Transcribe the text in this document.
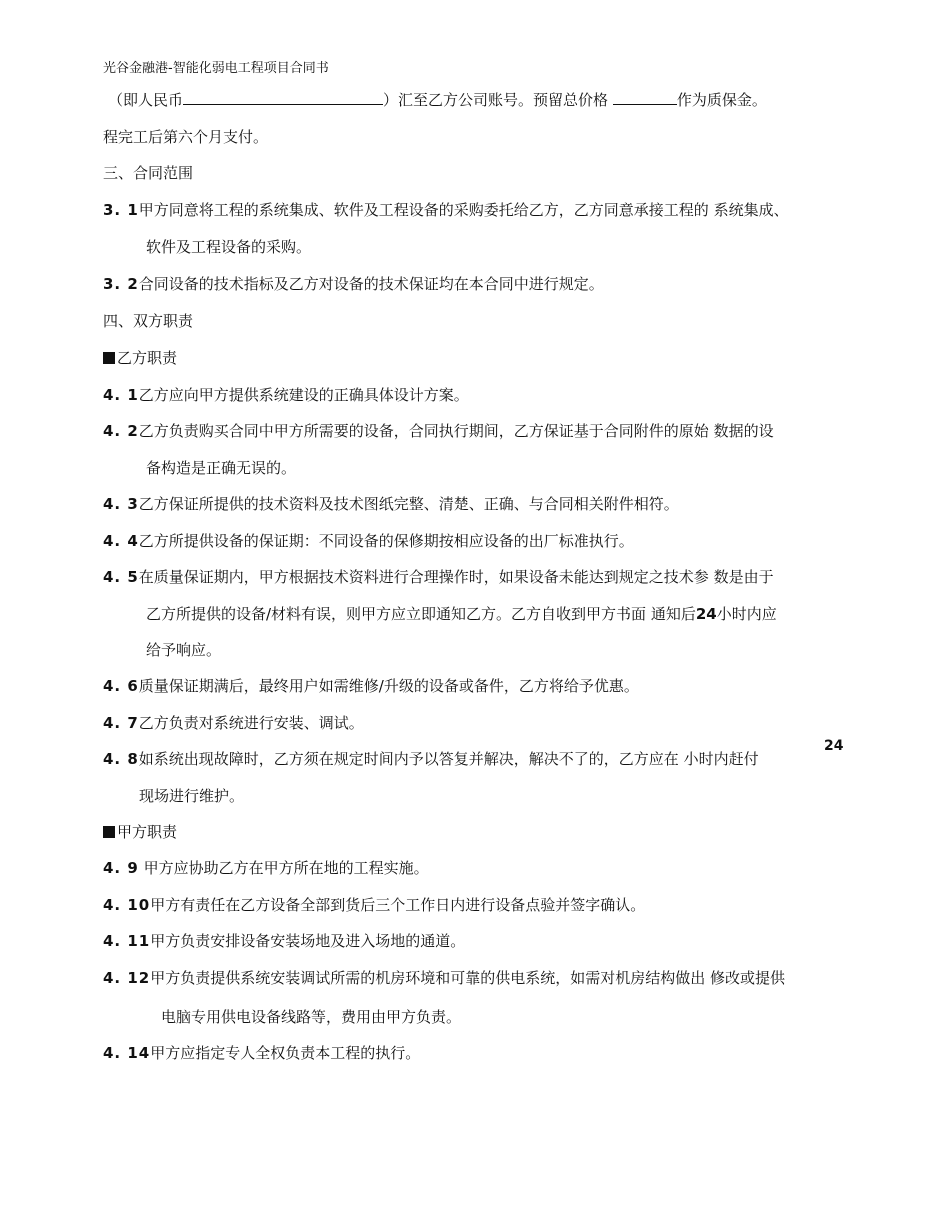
光谷金融港-智能化弱电工程项目合同书
（即人民币	）汇至乙方公司账号。预留总价格	作为质保金。
程完工后第六个月支付。
三、合同范围
3. 1甲方同意将工程的系统集成、软件及工程设备的采购委托给乙方，乙方同意承接工程的 系统集成、
软件及工程设备的采购。
3. 2合同设备的技术指标及乙方对设备的技术保证均在本合同中进行规定。
四、双方职责
乙方职责
4. 1乙方应向甲方提供系统建设的正确具体设计方案。
4. 2乙方负责购买合同中甲方所需要的设备，合同执行期间，乙方保证基于合同附件的原始 数据的设
备构造是正确无误的。
4. 3乙方保证所提供的技术资料及技术图纸完整、清楚、正确、与合同相关附件相符。
4. 4乙方所提供设备的保证期：不同设备的保修期按相应设备的出厂标准执行。
4. 5在质量保证期内，甲方根据技术资料进行合理操作时，如果设备未能达到规定之技术参 数是由于
乙方所提供的设备/材料有误，则甲方应立即通知乙方。乙方自收到甲方书面 通知后24小时内应
给予响应。
4. 6质量保证期满后，最终用户如需维修/升级的设备或备件，乙方将给予优惠。
4. 7乙方负责对系统进行安装、调试。
24
4. 8如系统出现故障时，乙方须在规定时间内予以答复并解决，解决不了的，乙方应在 小时内赶付
现场进行维护。
甲方职责
4. 9 甲方应协助乙方在甲方所在地的工程实施。
4. 10甲方有责任在乙方设备全部到货后三个工作日内进行设备点验并签字确认。
4. 11甲方负责安排设备安装场地及进入场地的通道。
4. 12甲方负责提供系统安装调试所需的机房环境和可靠的供电系统，如需对机房结构做出 修改或提供
电脑专用供电设备线路等，费用由甲方负责。
4. 14甲方应指定专人全权负责本工程的执行。
